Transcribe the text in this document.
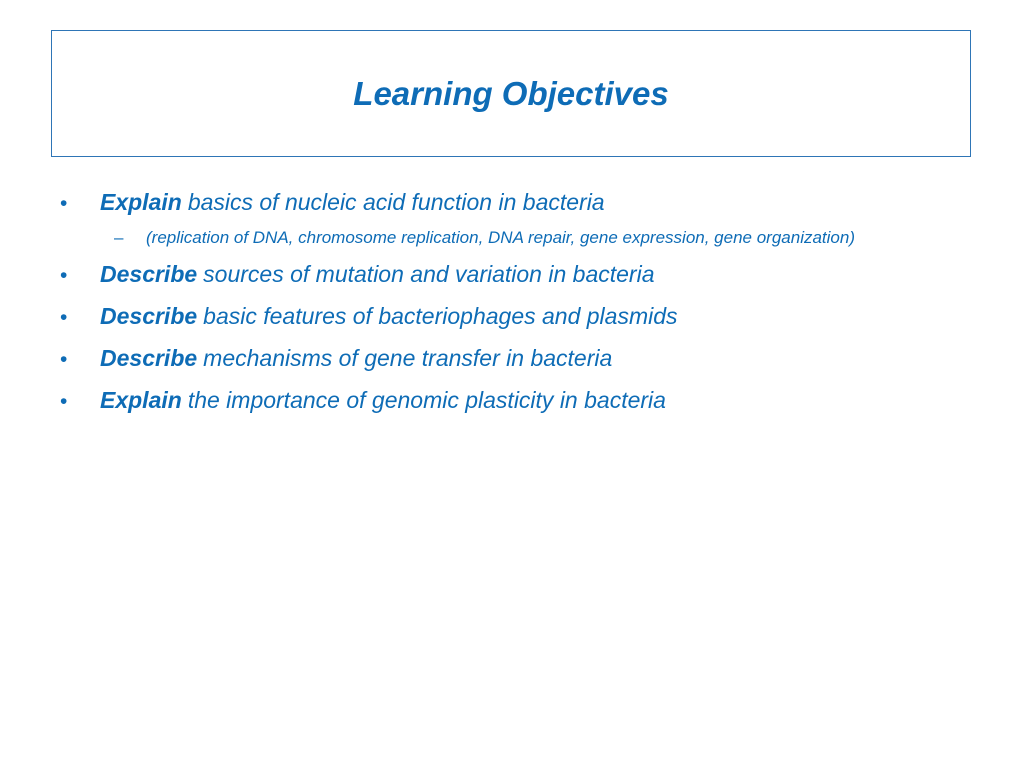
Learning Objectives
•	Explain basics of nucleic acid function in bacteria
–	(replication of DNA, chromosome replication, DNA repair, gene expression, gene organization)
•	Describe sources of mutation and variation in bacteria
•	Describe basic features of bacteriophages and plasmids
•	Describe mechanisms of gene transfer in bacteria
•	Explain the importance of genomic plasticity in bacteria
